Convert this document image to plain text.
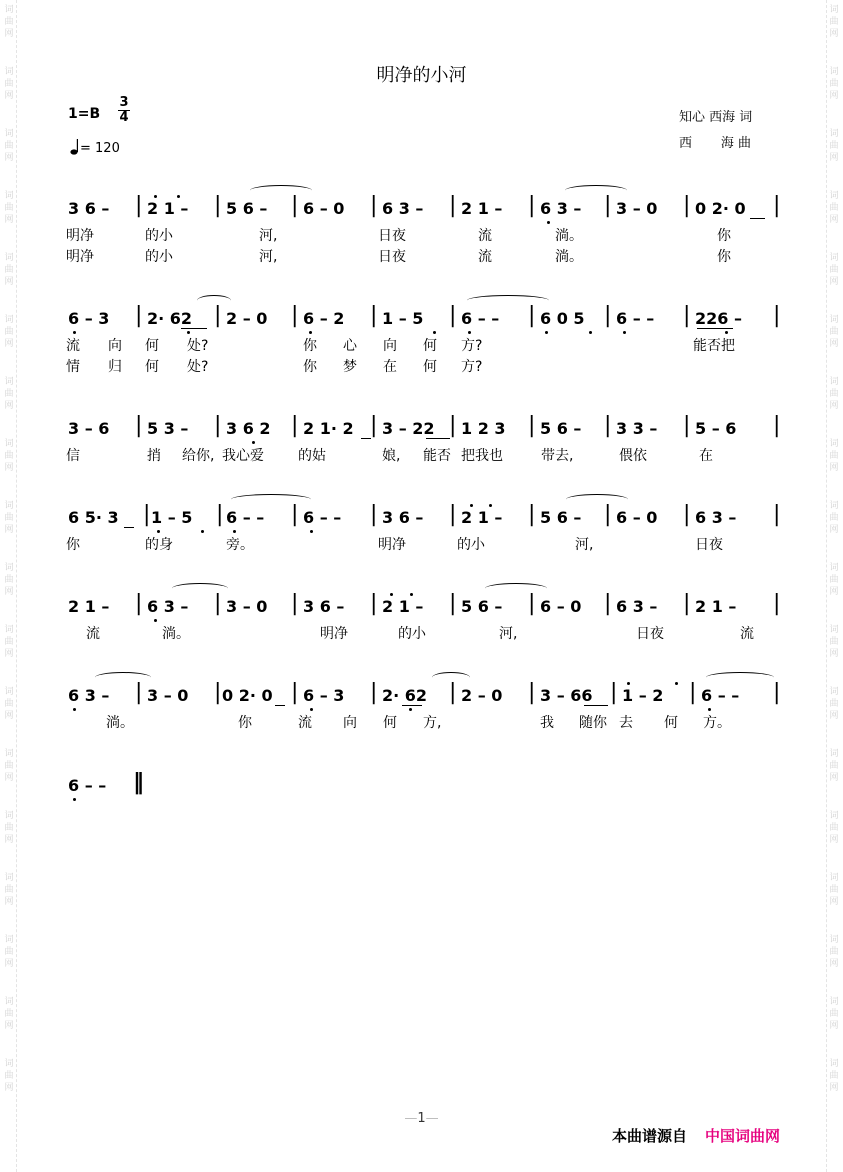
明净的小河
1=B
3
4
= 120
知心 西海 词
西       海 曲
3 6 – | 2 1 – | 5 6 – | 6 – 0 | 6 3 – | 2 1 – | 6 3 – | 3 – 0 | 0 2· 0 |
明净	的小	河,	日夜	流	淌。	你
明净	的小	河,	日夜	流	淌。	你
6 – 3 | 2· 62 | 2 – 0 | 6 – 2 | 1 – 5 | 6 – – | 6 0 5 | 6 – – | 226 – |
流 向 何 处?	你 心 向 何 方?	能否把
情 归 何 处?	你 梦 在 何 方?
3 – 6 | 5 3 – | 3 6 2 | 2 1· 2 | 3 – 22 | 1 2 3 | 5 6 – | 3 3 – | 5 – 6 |
信	捎 给你, 我心爱 的姑	娘, 能否 把我也	带去,	偎依	在
6 5· 3 | 1 – 5 | 6 – – | 6 – – | 3 6 – | 2 1 – | 5 6 – | 6 – 0 | 6 3 – |
你	的身	旁。	明净	的小	河,	日夜
2 1 – | 6 3 – | 3 – 0 | 3 6 – | 2 1 – | 5 6 – | 6 – 0 | 6 3 – | 2 1 – |
流	淌。	明净	的小	河,	日夜	流
6 3 – | 3 – 0 | 0 2· 0 | 6 – 3 | 2· 62 | 2 – 0 | 3 – 66 | 1 – 2 | 6 – – |
淌。	你	流 向 何 方,	我 随你 去 何 方。
6 – – ‖
—1—
本曲谱源自 中国词曲网
词
曲
网
词
曲
网
词
曲
网
词
曲
网
词
曲
网
词
曲
网
词
曲
网
词
曲
网
词
曲
网
词
曲
网
词
曲
网
词
曲
网
词
曲
网
词
曲
网
词
曲
网
词
曲
网
词
曲
网
词
曲
网
词
曲
网
词
曲
网
词
曲
网
词
曲
网
词
曲
网
词
曲
网
词
曲
网
词
曲
网
词
曲
网
词
曲
网
词
曲
网
词
曲
网
词
曲
网
词
曲
网
词
曲
网
词
曲
网
词
曲
网
词
曲
网
